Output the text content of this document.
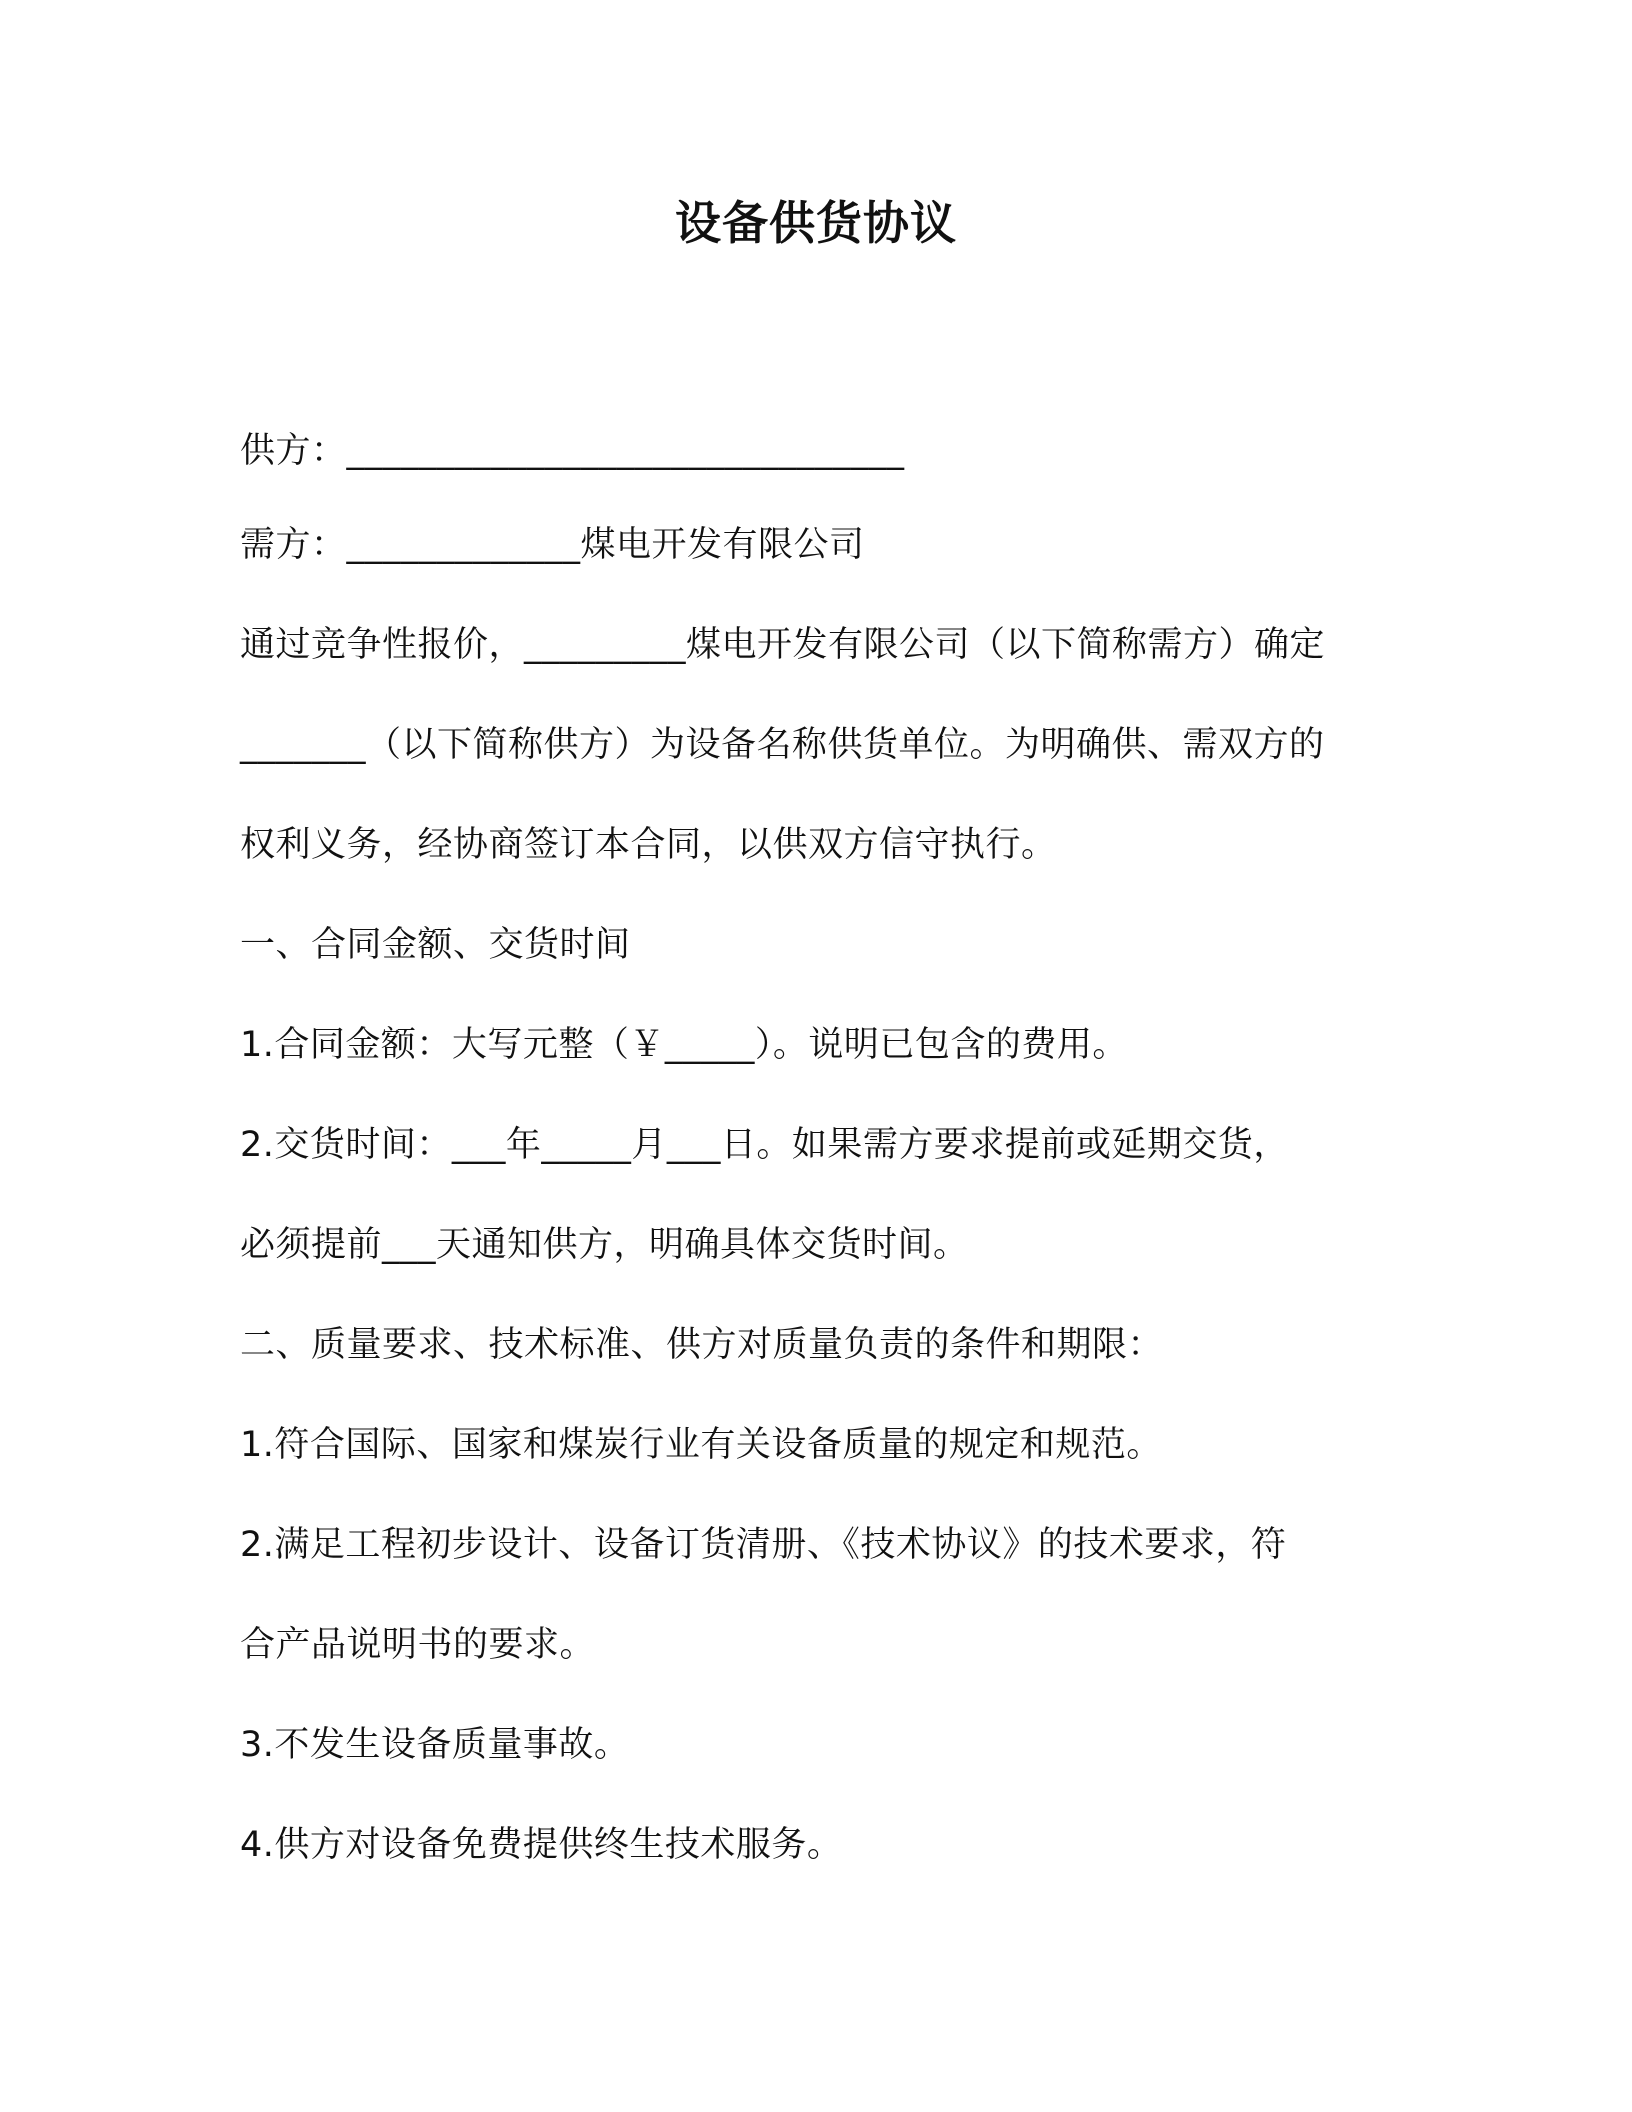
设备供货协议
供方：_______________________________
需方：_____________煤电开发有限公司
通过竞争性报价，_________煤电开发有限公司（以下简称需方）确定
_______（以下简称供方）为设备名称供货单位。为明确供、需双方的
权利义务，经协商签订本合同，以供双方信守执行。
一、合同金额、交货时间
1.合同金额：大写元整（￥_____）。说明已包含的费用。
2.交货时间：___年_____月___日。如果需方要求提前或延期交货，
必须提前___天通知供方，明确具体交货时间。
二、质量要求、技术标准、供方对质量负责的条件和期限：
1.符合国际、国家和煤炭行业有关设备质量的规定和规范。
2.满足工程初步设计、设备订货清册、《技术协议》的技术要求，符
合产品说明书的要求。
3.不发生设备质量事故。
4.供方对设备免费提供终生技术服务。
